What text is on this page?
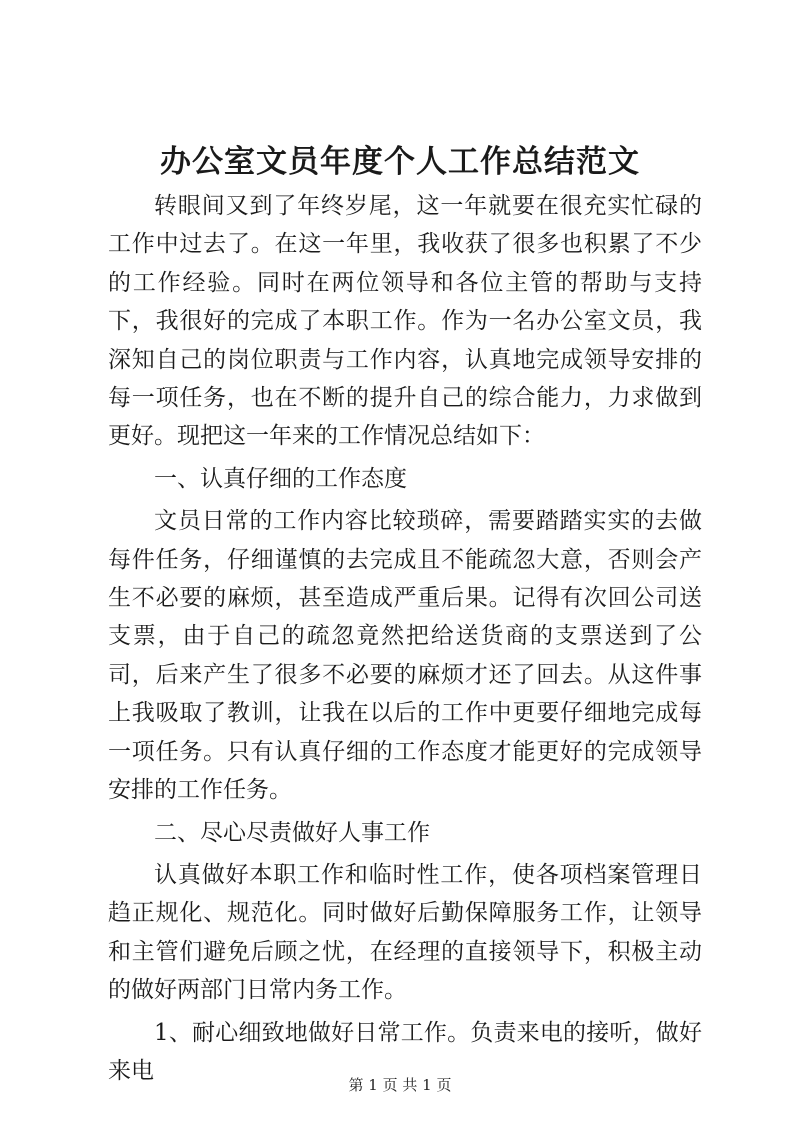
办公室文员年度个人工作总结范文

转眼间又到了年终岁尾，这一年就要在很充实忙碌的工作中过去了。在这一年里，我收获了很多也积累了不少的工作经验。同时在两位领导和各位主管的帮助与支持下，我很好的完成了本职工作。作为一名办公室文员，我深知自己的岗位职责与工作内容，认真地完成领导安排的每一项任务，也在不断的提升自己的综合能力，力求做到更好。现把这一年来的工作情况总结如下：

一、认真仔细的工作态度

文员日常的工作内容比较琐碎，需要踏踏实实的去做每件任务，仔细谨慎的去完成且不能疏忽大意，否则会产生不必要的麻烦，甚至造成严重后果。记得有次回公司送支票，由于自己的疏忽竟然把给送货商的支票送到了公司，后来产生了很多不必要的麻烦才还了回去。从这件事上我吸取了教训，让我在以后的工作中更要仔细地完成每一项任务。只有认真仔细的工作态度才能更好的完成领导安排的工作任务。

二、尽心尽责做好人事工作

认真做好本职工作和临时性工作，使各项档案管理日趋正规化、规范化。同时做好后勤保障服务工作，让领导和主管们避免后顾之忧，在经理的直接领导下，积极主动的做好两部门日常内务工作。

1、耐心细致地做好日常工作。负责来电的接听，做好来电

第 1 页 共 1 页
